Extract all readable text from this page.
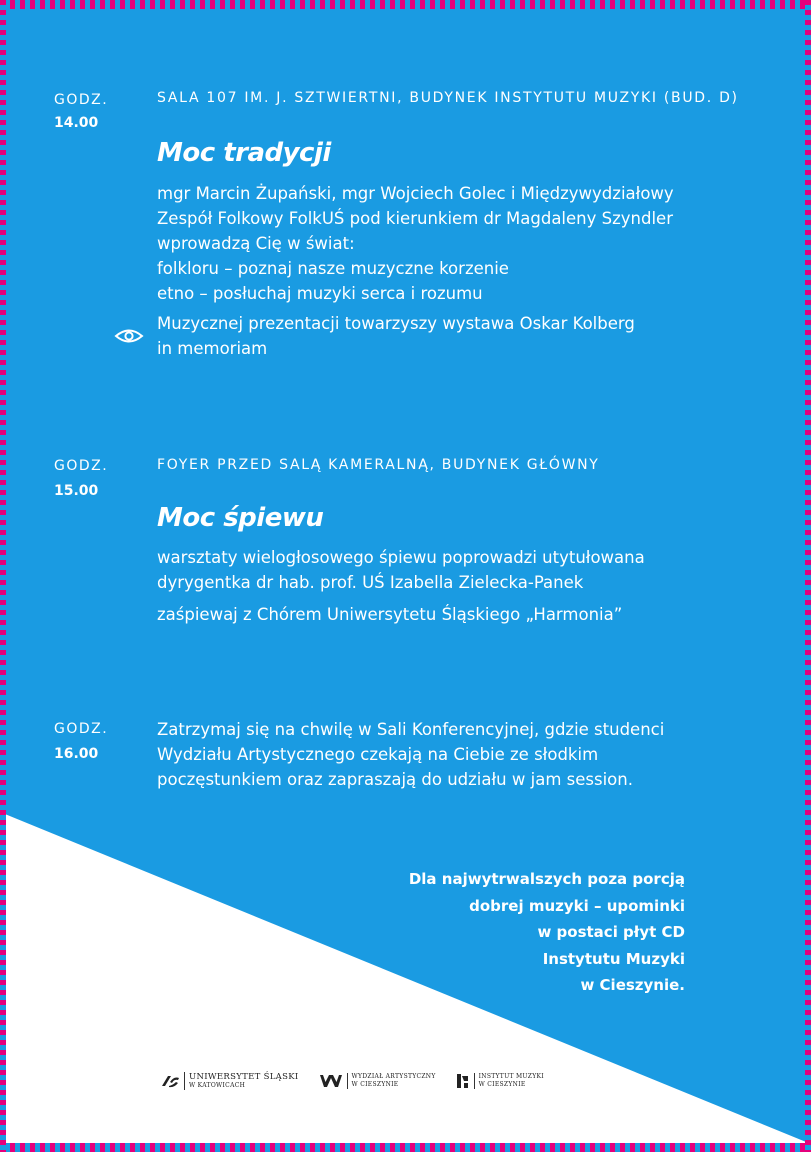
GODZ.
14.00
SALA 107 IM. J. SZTWIERTNI, BUDYNEK INSTYTUTU MUZYKI (BUD. D)
Moc tradycji
mgr Marcin Żupański, mgr Wojciech Golec i Międzywydziałowy
Zespół Folkowy FolkUŚ pod kierunkiem dr Magdaleny Szyndler
wprowadzą Cię w świat:
folkloru – poznaj nasze muzyczne korzenie
etno – posłuchaj muzyki serca i rozumu
Muzycznej prezentacji towarzyszy wystawa Oskar Kolberg
in memoriam
GODZ.
15.00
FOYER PRZED SALĄ KAMERALNĄ, BUDYNEK GŁÓWNY
Moc śpiewu
warsztaty wielogłosowego śpiewu poprowadzi utytułowana
dyrygentka dr hab. prof. UŚ Izabella Zielecka-Panek
zaśpiewaj z Chórem Uniwersytetu Śląskiego „Harmonia”
GODZ.
16.00
Zatrzymaj się na chwilę w Sali Konferencyjnej, gdzie studenci
Wydziału Artystycznego czekają na Ciebie ze słodkim
poczęstunkiem oraz zapraszają do udziału w jam session.
Dla najwytrwalszych poza porcją
dobrej muzyki – upominki
w postaci płyt CD
Instytutu Muzyki
w Cieszynie.
UNIWERSYTET ŚLĄSKI
W KATOWICACH
WYDZIAŁ ARTYSTYCZNY
W CIESZYNIE
INSTYTUT MUZYKI
W CIESZYNIE
